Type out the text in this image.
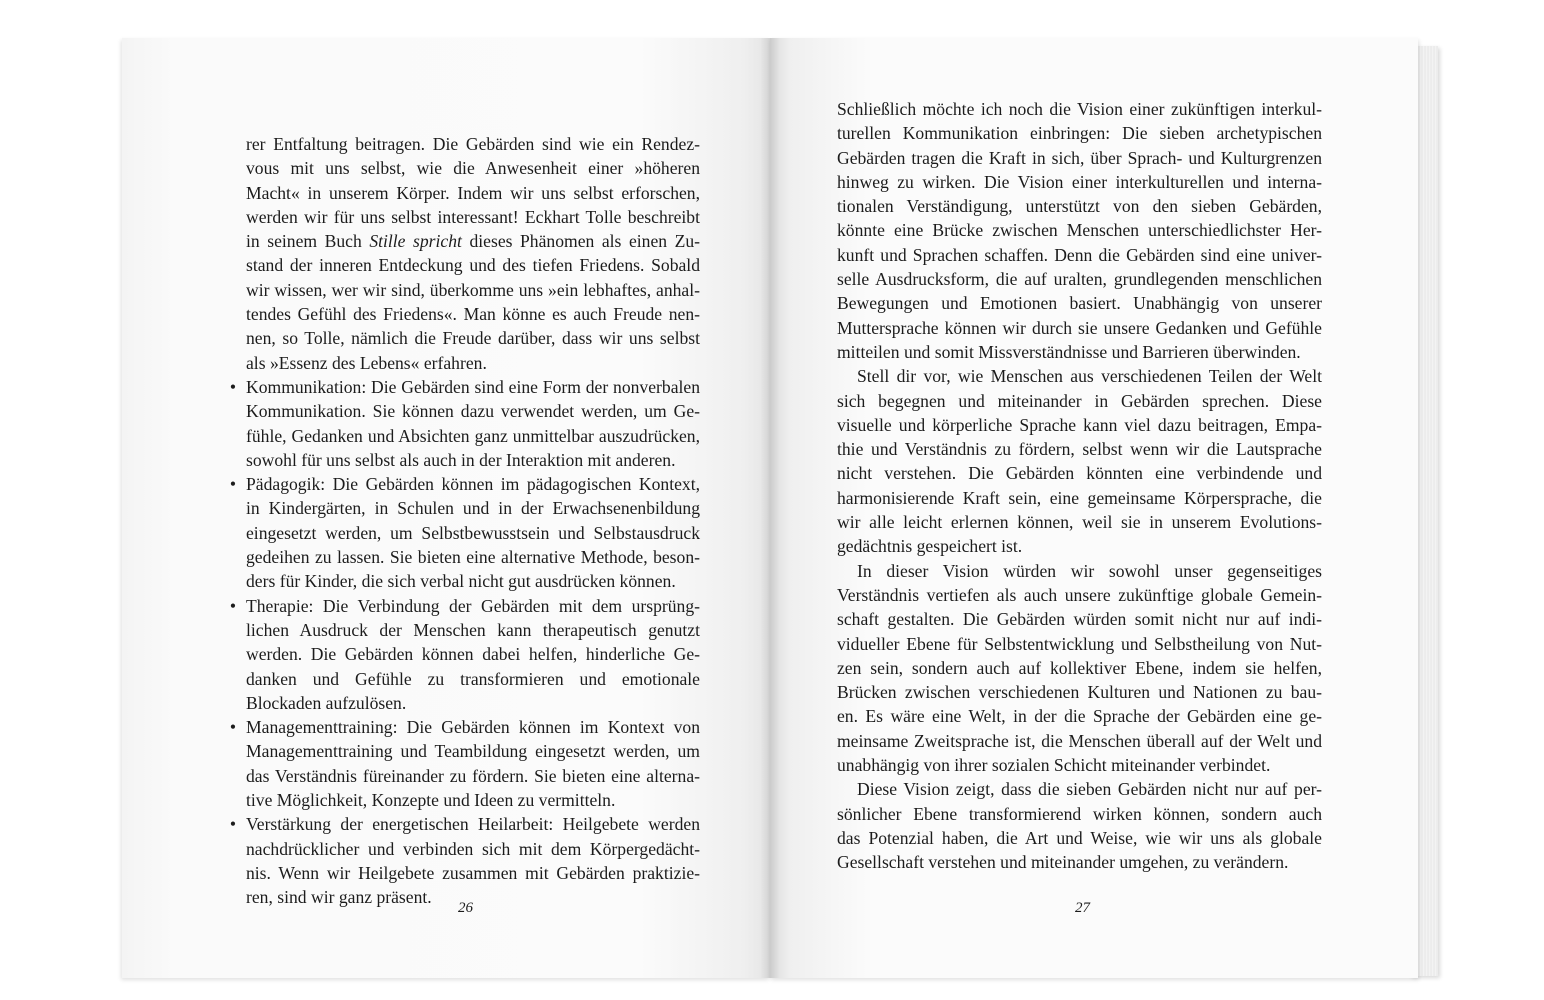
rer Entfaltung beitragen. Die Gebärden sind wie ein Rendez-
vous mit uns selbst, wie die Anwesenheit einer »höheren
Macht« in unserem Körper. Indem wir uns selbst erforschen,
werden wir für uns selbst interessant! Eckhart Tolle beschreibt
in seinem Buch Stille spricht dieses Phänomen als einen Zu-
stand der inneren Entdeckung und des tiefen Friedens. Sobald
wir wissen, wer wir sind, überkomme uns »ein lebhaftes, anhal-
tendes Gefühl des Friedens«. Man könne es auch Freude nen-
nen, so Tolle, nämlich die Freude darüber, dass wir uns selbst
als »Essenz des Lebens« erfahren.
• Kommunikation: Die Gebärden sind eine Form der nonverbalen
Kommunikation. Sie können dazu verwendet werden, um Ge-
fühle, Gedanken und Absichten ganz unmittelbar auszudrücken,
sowohl für uns selbst als auch in der Interaktion mit anderen.
• Pädagogik: Die Gebärden können im pädagogischen Kontext,
in Kindergärten, in Schulen und in der Erwachsenenbildung
eingesetzt werden, um Selbstbewusstsein und Selbstausdruck
gedeihen zu lassen. Sie bieten eine alternative Methode, beson-
ders für Kinder, die sich verbal nicht gut ausdrücken können.
• Therapie: Die Verbindung der Gebärden mit dem ursprüng-
lichen Ausdruck der Menschen kann therapeutisch genutzt
werden. Die Gebärden können dabei helfen, hinderliche Ge-
danken und Gefühle zu transformieren und emotionale
Blockaden aufzulösen.
• Managementtraining: Die Gebärden können im Kontext von
Managementtraining und Teambildung eingesetzt werden, um
das Verständnis füreinander zu fördern. Sie bieten eine alterna-
tive Möglichkeit, Konzepte und Ideen zu vermitteln.
• Verstärkung der energetischen Heilarbeit: Heilgebete werden
nachdrücklicher und verbinden sich mit dem Körpergedächt-
nis. Wenn wir Heilgebete zusammen mit Gebärden praktizie-
ren, sind wir ganz präsent.
26
Schließlich möchte ich noch die Vision einer zukünftigen interkul-
turellen Kommunikation einbringen: Die sieben archetypischen
Gebärden tragen die Kraft in sich, über Sprach- und Kulturgrenzen
hinweg zu wirken. Die Vision einer interkulturellen und interna-
tionalen Verständigung, unterstützt von den sieben Gebärden,
könnte eine Brücke zwischen Menschen unterschiedlichster Her-
kunft und Sprachen schaffen. Denn die Gebärden sind eine univer-
selle Ausdrucksform, die auf uralten, grundlegenden menschlichen
Bewegungen und Emotionen basiert. Unabhängig von unserer
Muttersprache können wir durch sie unsere Gedanken und Gefühle
mitteilen und somit Missverständnisse und Barrieren überwinden.
Stell dir vor, wie Menschen aus verschiedenen Teilen der Welt
sich begegnen und miteinander in Gebärden sprechen. Diese
visuelle und körperliche Sprache kann viel dazu beitragen, Empa-
thie und Verständnis zu fördern, selbst wenn wir die Lautsprache
nicht verstehen. Die Gebärden könnten eine verbindende und
harmonisierende Kraft sein, eine gemeinsame Körpersprache, die
wir alle leicht erlernen können, weil sie in unserem Evolutions-
gedächtnis gespeichert ist.
In dieser Vision würden wir sowohl unser gegenseitiges
Verständnis vertiefen als auch unsere zukünftige globale Gemein-
schaft gestalten. Die Gebärden würden somit nicht nur auf indi-
vidueller Ebene für Selbstentwicklung und Selbstheilung von Nut-
zen sein, sondern auch auf kollektiver Ebene, indem sie helfen,
Brücken zwischen verschiedenen Kulturen und Nationen zu bau-
en. Es wäre eine Welt, in der die Sprache der Gebärden eine ge-
meinsame Zweitsprache ist, die Menschen überall auf der Welt und
unabhängig von ihrer sozialen Schicht miteinander verbindet.
Diese Vision zeigt, dass die sieben Gebärden nicht nur auf per-
sönlicher Ebene transformierend wirken können, sondern auch
das Potenzial haben, die Art und Weise, wie wir uns als globale
Gesellschaft verstehen und miteinander umgehen, zu verändern.
27
